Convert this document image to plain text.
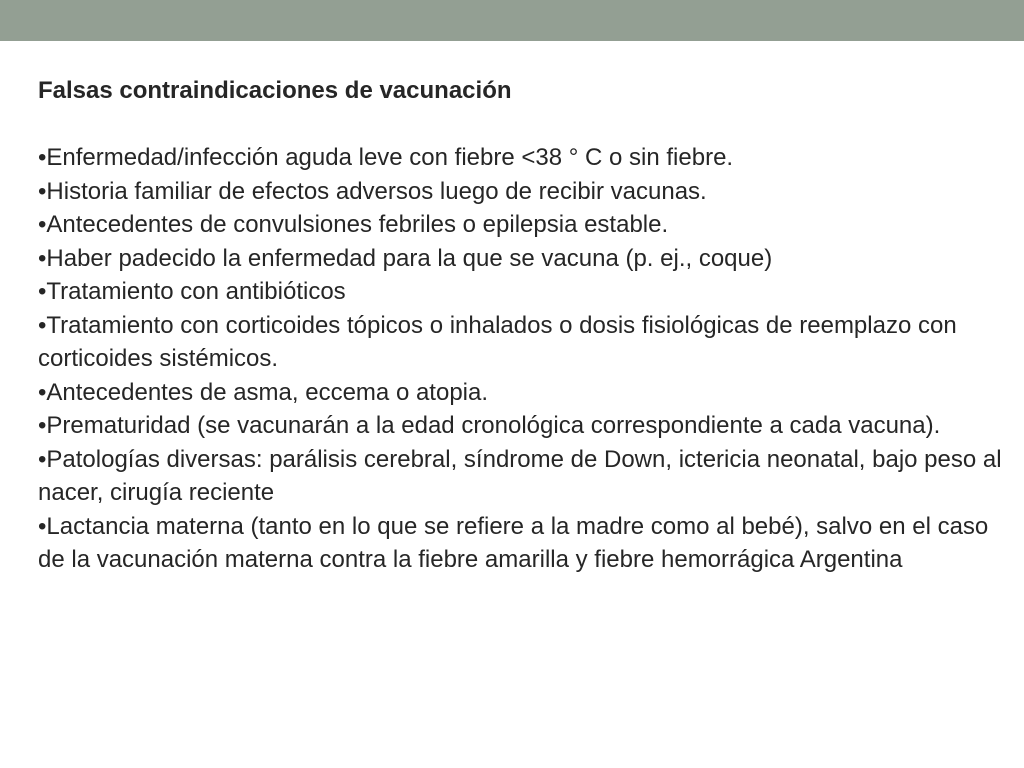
Falsas contraindicaciones de vacunación
•Enfermedad/infección aguda leve con fiebre <38 ° C o sin fiebre.
•Historia familiar de efectos adversos luego de recibir vacunas.
•Antecedentes de convulsiones febriles o epilepsia estable.
•Haber padecido la enfermedad para la que se vacuna (p. ej., coque)
•Tratamiento con antibióticos
•Tratamiento con corticoides tópicos o inhalados o dosis fisiológicas de reemplazo con corticoides sistémicos.
•Antecedentes de asma, eccema o atopia.
•Prematuridad (se vacunarán a la edad cronológica correspondiente a cada vacuna).
•Patologías diversas: parálisis cerebral, síndrome de Down, ictericia neonatal, bajo peso al nacer, cirugía reciente
•Lactancia materna (tanto en lo que se refiere a la madre como al bebé), salvo en el caso de la vacunación materna contra la fiebre amarilla y fiebre hemorrágica Argentina
